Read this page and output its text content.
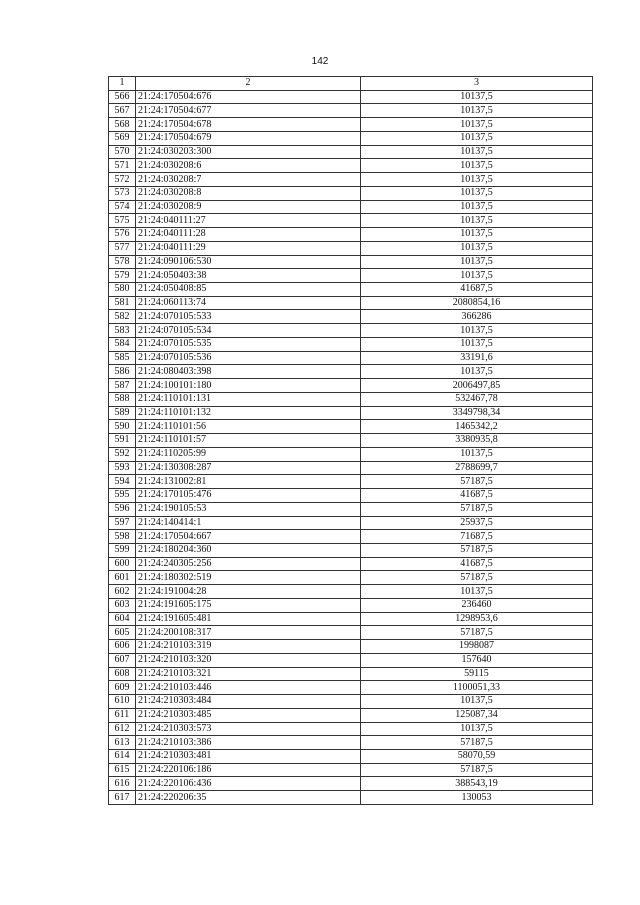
142
1	2	3
566	21:24:170504:676	10137,5
567	21:24:170504:677	10137,5
568	21:24:170504:678	10137,5
569	21:24:170504:679	10137,5
570	21:24:030203:300	10137,5
571	21:24:030208:6	10137,5
572	21:24:030208:7	10137,5
573	21:24:030208:8	10137,5
574	21:24:030208:9	10137,5
575	21:24:040111:27	10137,5
576	21:24:040111:28	10137,5
577	21:24:040111:29	10137,5
578	21:24:090106:530	10137,5
579	21:24:050403:38	10137,5
580	21:24:050408:85	41687,5
581	21:24:060113:74	2080854,16
582	21:24:070105:533	366286
583	21:24:070105:534	10137,5
584	21:24:070105:535	10137,5
585	21:24:070105:536	33191,6
586	21:24:080403:398	10137,5
587	21:24:100101:180	2006497,85
588	21:24:110101:131	532467,78
589	21:24:110101:132	3349798,34
590	21:24:110101:56	1465342,2
591	21:24:110101:57	3380935,8
592	21:24:110205:99	10137,5
593	21:24:130308:287	2788699,7
594	21:24:131002:81	57187,5
595	21:24:170105:476	41687,5
596	21:24:190105:53	57187,5
597	21:24:140414:1	25937,5
598	21:24:170504:667	71687,5
599	21:24:180204:360	57187,5
600	21:24:240305:256	41687,5
601	21:24:180302:519	57187,5
602	21:24:191004:28	10137,5
603	21:24:191605:175	236460
604	21:24:191605:481	1298953,6
605	21:24:200108:317	57187,5
606	21:24:210103:319	1998087
607	21:24:210103:320	157640
608	21:24:210103:321	59115
609	21:24:210103:446	1100051,33
610	21:24:210303:484	10137,5
611	21:24:210303:485	125087,34
612	21:24:210303:573	10137,5
613	21:24:210103:386	57187,5
614	21:24:210303:481	58070,59
615	21:24:220106:186	57187,5
616	21:24:220106:436	388543,19
617	21:24:220206:35	130053
